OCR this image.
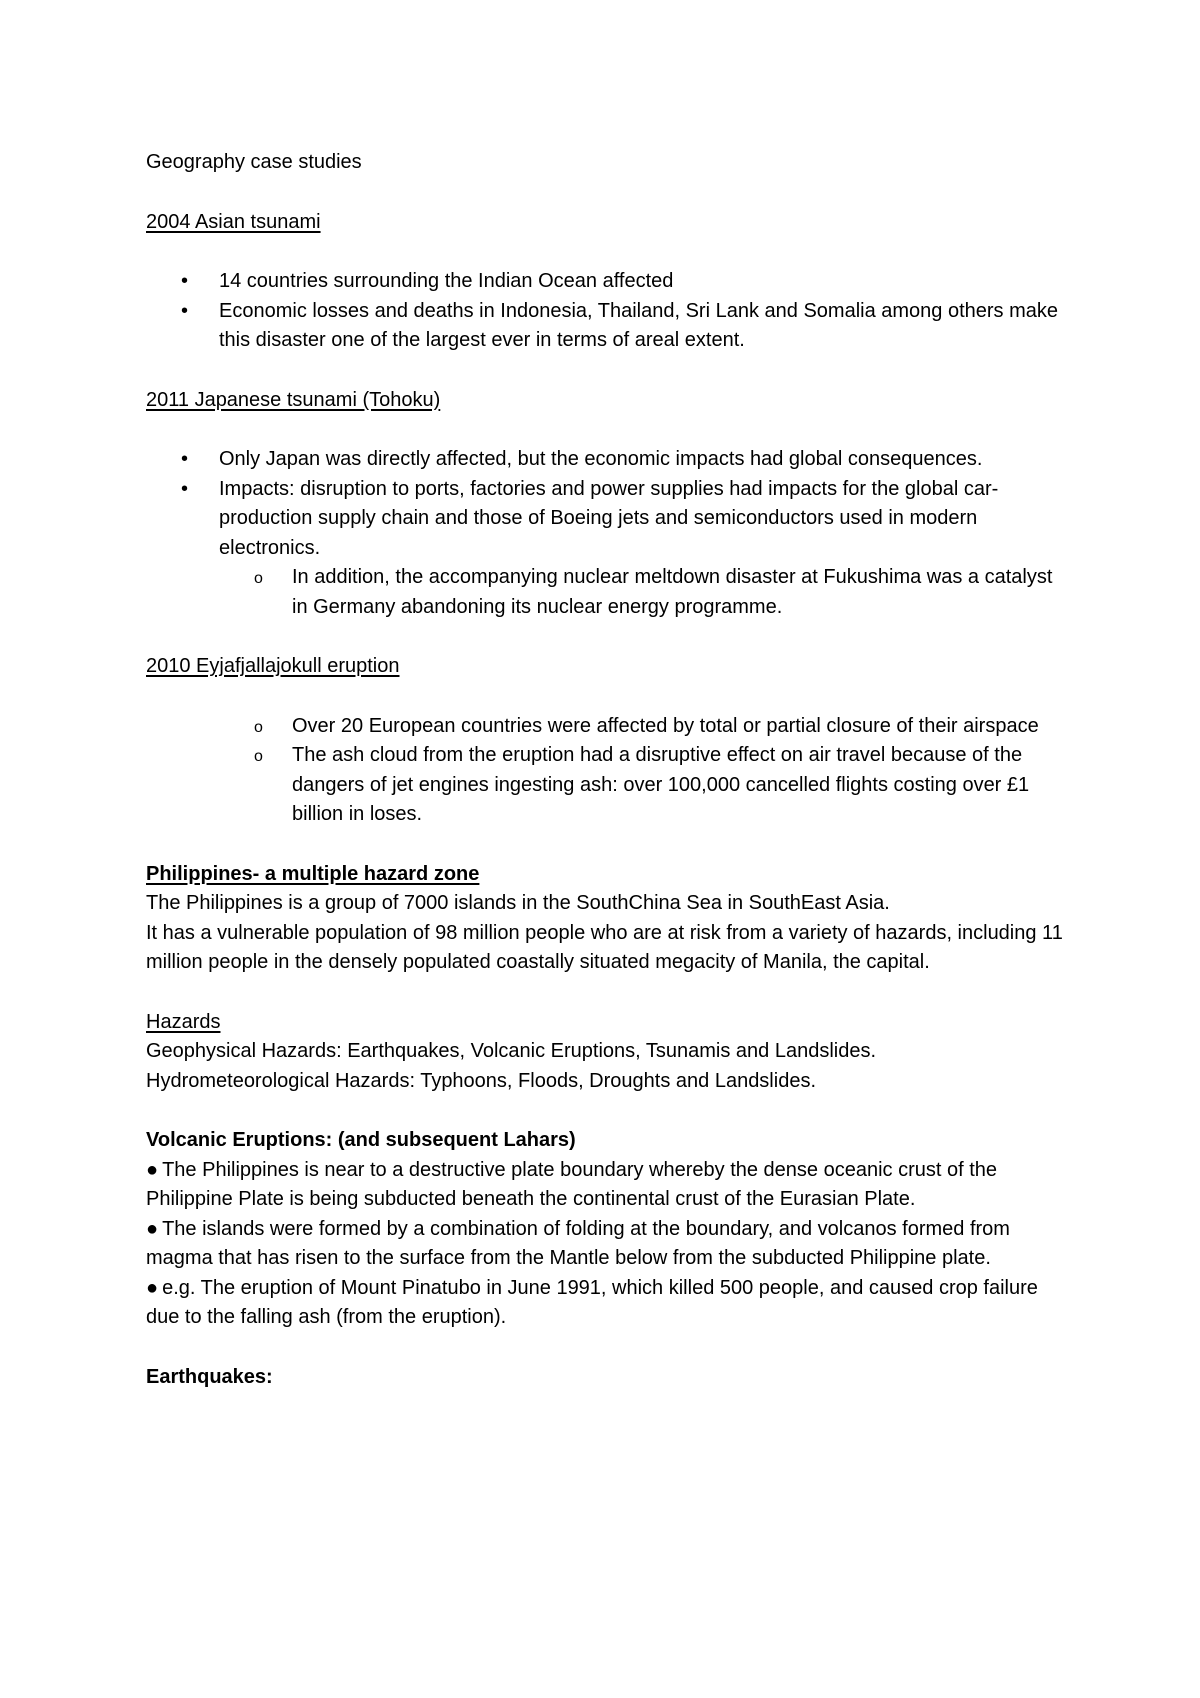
Geography case studies

2004 Asian tsunami

• 14 countries surrounding the Indian Ocean affected
• Economic losses and deaths in Indonesia, Thailand, Sri Lank and Somalia among others make this disaster one of the largest ever in terms of areal extent.

2011 Japanese tsunami (Tohoku)

• Only Japan was directly affected, but the economic impacts had global consequences.
• Impacts: disruption to ports, factories and power supplies had impacts for the global car-production supply chain and those of Boeing jets and semiconductors used in modern electronics.
o In addition, the accompanying nuclear meltdown disaster at Fukushima was a catalyst in Germany abandoning its nuclear energy programme.

2010 Eyjafjallajokull eruption

o Over 20 European countries were affected by total or partial closure of their airspace
o The ash cloud from the eruption had a disruptive effect on air travel because of the dangers of jet engines ingesting ash: over 100,000 cancelled flights costing over £1 billion in loses.

Philippines- a multiple hazard zone

The Philippines is a group of 7000 islands in the SouthChina Sea in SouthEast Asia.

It has a vulnerable population of 98 million people who are at risk from a variety of hazards, including 11 million people in the densely populated coastally situated megacity of Manila, the capital.

Hazards

Geophysical Hazards: Earthquakes, Volcanic Eruptions, Tsunamis and Landslides.

Hydrometeorological Hazards: Typhoons, Floods, Droughts and Landslides.

Volcanic Eruptions: (and subsequent Lahars)

● The Philippines is near to a destructive plate boundary whereby the dense oceanic crust of the Philippine Plate is being subducted beneath the continental crust of the Eurasian Plate.

● The islands were formed by a combination of folding at the boundary, and volcanos formed from magma that has risen to the surface from the Mantle below from the subducted Philippine plate.

● e.g. The eruption of Mount Pinatubo in June 1991, which killed 500 people, and caused crop failure due to the falling ash (from the eruption).

Earthquakes:
